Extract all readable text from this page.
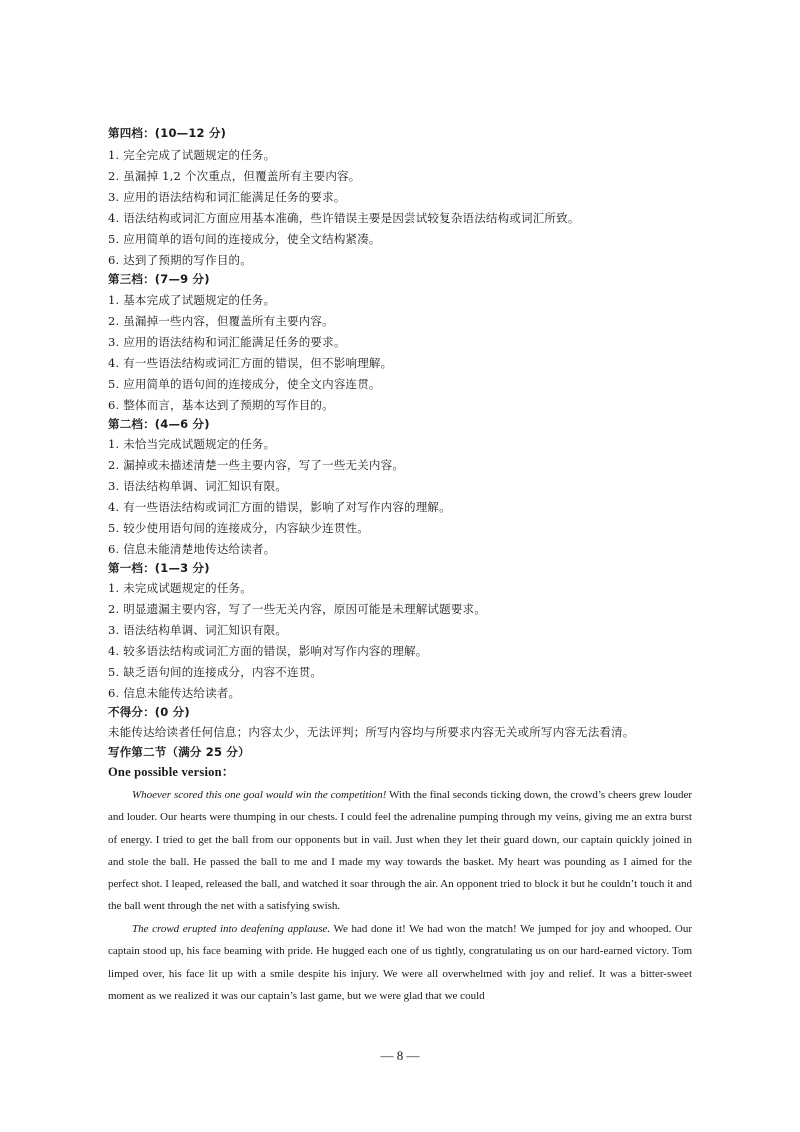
第四档：(10—12 分)
1. 完全完成了试题规定的任务。
2. 虽漏掉 1,2 个次重点，但覆盖所有主要内容。
3. 应用的语法结构和词汇能满足任务的要求。
4. 语法结构或词汇方面应用基本准确，些许错误主要是因尝试较复杂语法结构或词汇所致。
5. 应用简单的语句间的连接成分，使全文结构紧凑。
6. 达到了预期的写作目的。
第三档：(7—9 分)
1. 基本完成了试题规定的任务。
2. 虽漏掉一些内容，但覆盖所有主要内容。
3. 应用的语法结构和词汇能满足任务的要求。
4. 有一些语法结构或词汇方面的错误，但不影响理解。
5. 应用简单的语句间的连接成分，使全文内容连贯。
6. 整体而言，基本达到了预期的写作目的。
第二档：(4—6 分)
1. 未恰当完成试题规定的任务。
2. 漏掉或未描述清楚一些主要内容，写了一些无关内容。
3. 语法结构单调、词汇知识有限。
4. 有一些语法结构或词汇方面的错误，影响了对写作内容的理解。
5. 较少使用语句间的连接成分，内容缺少连贯性。
6. 信息未能清楚地传达给读者。
第一档：(1—3 分)
1. 未完成试题规定的任务。
2. 明显遗漏主要内容，写了一些无关内容，原因可能是未理解试题要求。
3. 语法结构单调、词汇知识有限。
4. 较多语法结构或词汇方面的错误，影响对写作内容的理解。
5. 缺乏语句间的连接成分，内容不连贯。
6. 信息未能传达给读者。
不得分：(0 分)
未能传达给读者任何信息；内容太少，无法评判；所写内容均与所要求内容无关或所写内容无法看清。
写作第二节（满分 25 分）
One possible version：
Whoever scored this one goal would win the competition! With the final seconds ticking down, the crowd’s cheers grew louder and louder. Our hearts were thumping in our chests. I could feel the adrenaline pumping through my veins, giving me an extra burst of energy. I tried to get the ball from our opponents but in vail. Just when they let their guard down, our captain quickly joined in and stole the ball. He passed the ball to me and I made my way towards the basket. My heart was pounding as I aimed for the perfect shot. I leaped, released the ball, and watched it soar through the air. An opponent tried to block it but he couldn’t touch it and the ball went through the net with a satisfying swish.
The crowd erupted into deafening applause. We had done it! We had won the match! We jumped for joy and whooped. Our captain stood up, his face beaming with pride. He hugged each one of us tightly, congratulating us on our hard-earned victory. Tom limped over, his face lit up with a smile despite his injury. We were all overwhelmed with joy and relief. It was a bitter-sweet moment as we realized it was our captain’s last game, but we were glad that we could
— 8 —
